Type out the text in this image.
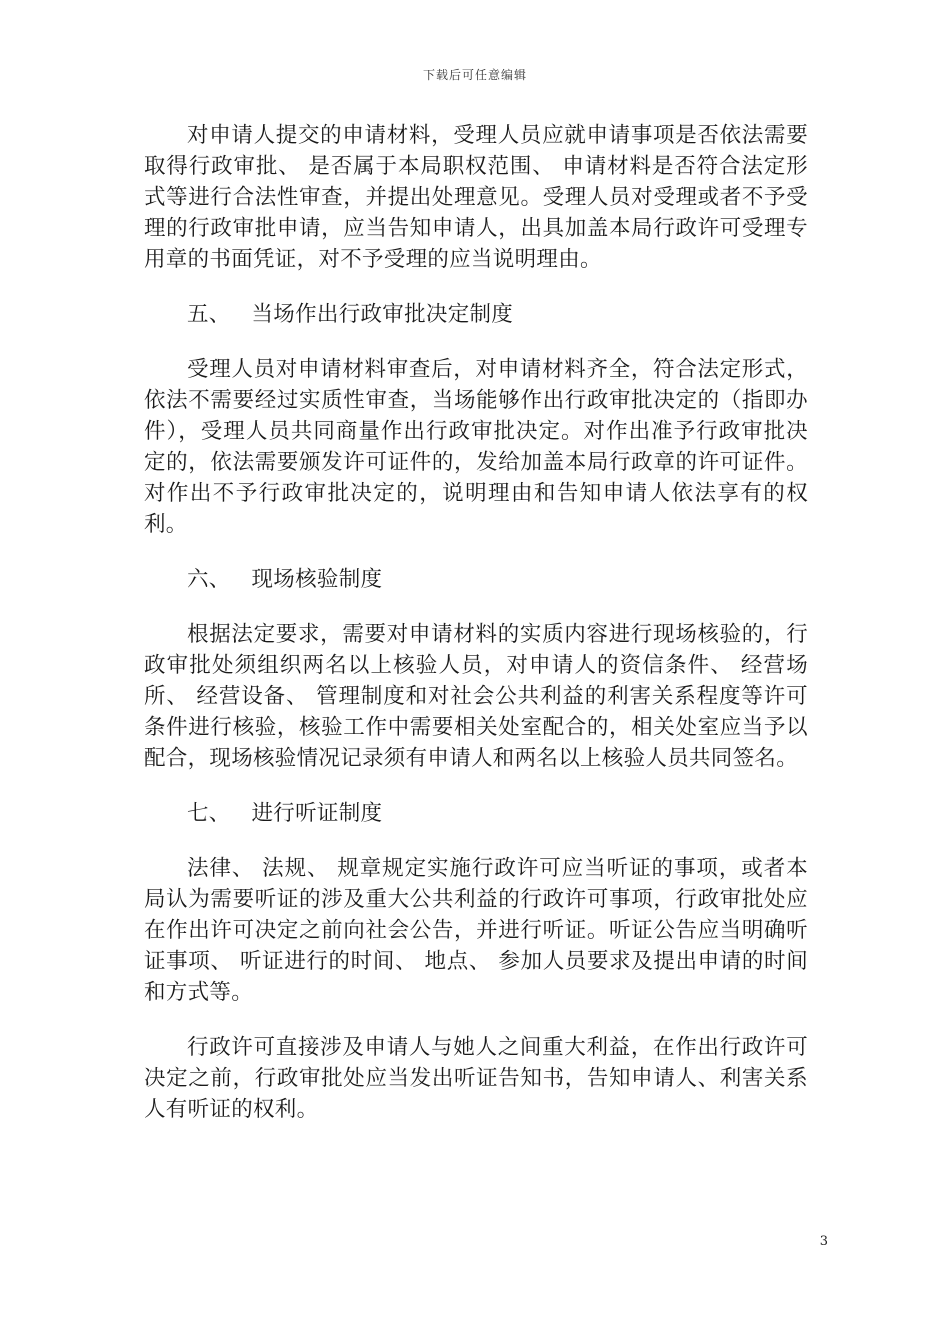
下载后可任意编辑

对申请人提交的申请材料，受理人员应就申请事项是否依法需要取得行政审批、 是否属于本局职权范围、 申请材料是否符合法定形式等进行合法性审查，并提出处理意见。受理人员对受理或者不予受理的行政审批申请，应当告知申请人，出具加盖本局行政许可受理专用章的书面凭证，对不予受理的应当说明理由。

五、 当场作出行政审批决定制度

受理人员对申请材料审查后，对申请材料齐全，符合法定形式，依法不需要经过实质性审查，当场能够作出行政审批决定的（指即办件），受理人员共同商量作出行政审批决定。对作出准予行政审批决定的，依法需要颁发许可证件的，发给加盖本局行政章的许可证件。对作出不予行政审批决定的，说明理由和告知申请人依法享有的权利。

六、 现场核验制度

根据法定要求，需要对申请材料的实质内容进行现场核验的，行政审批处须组织两名以上核验人员，对申请人的资信条件、 经营场所、 经营设备、 管理制度和对社会公共利益的利害关系程度等许可条件进行核验，核验工作中需要相关处室配合的，相关处室应当予以配合，现场核验情况记录须有申请人和两名以上核验人员共同签名。

七、 进行听证制度

法律、 法规、 规章规定实施行政许可应当听证的事项，或者本局认为需要听证的涉及重大公共利益的行政许可事项，行政审批处应在作出许可决定之前向社会公告，并进行听证。听证公告应当明确听证事项、 听证进行的时间、 地点、 参加人员要求及提出申请的时间和方式等。

行政许可直接涉及申请人与她人之间重大利益，在作出行政许可决定之前，行政审批处应当发出听证告知书，告知申请人、利害关系人有听证的权利。

3
